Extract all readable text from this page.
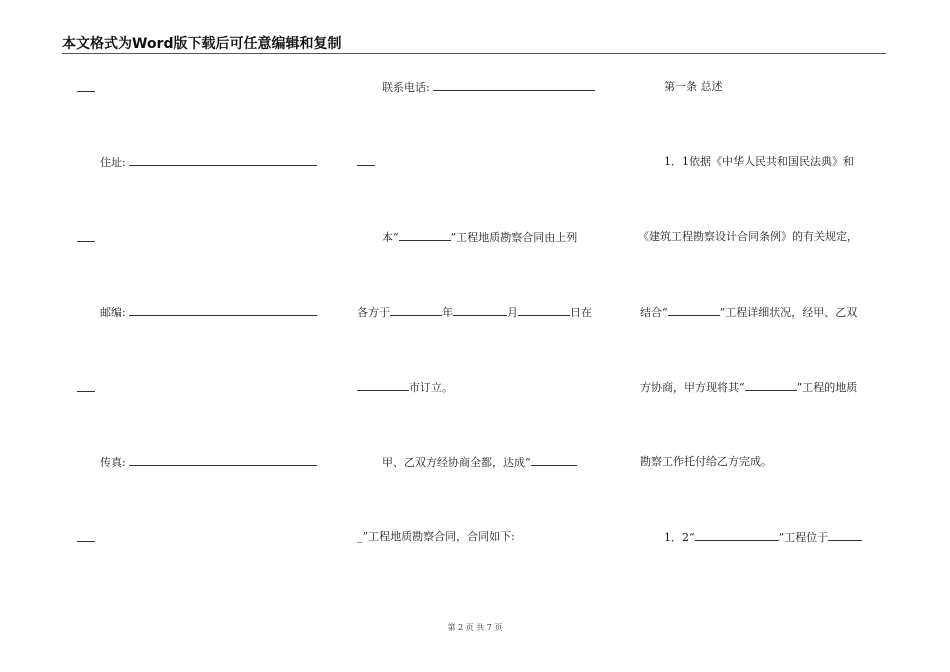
本文格式为Word版下载后可任意编辑和复制
住址:
邮编:
传真:
联系电话:
本“	”工程地质勘察合同由上列
各方于	年	月	日在
市订立。
甲、乙双方经协商全都，达成“
_”工程地质勘察合同，合同如下:
第一条 总述
1．1依据《中华人民共和国民法典》和
《建筑工程勘察设计合同条例》的有关规定，
结合“	”工程详细状况，经甲、乙双
方协商，甲方现将其“	”工程的地质
勘察工作托付给乙方完成。
1．2“	”工程位于
第 2 页 共 7 页
